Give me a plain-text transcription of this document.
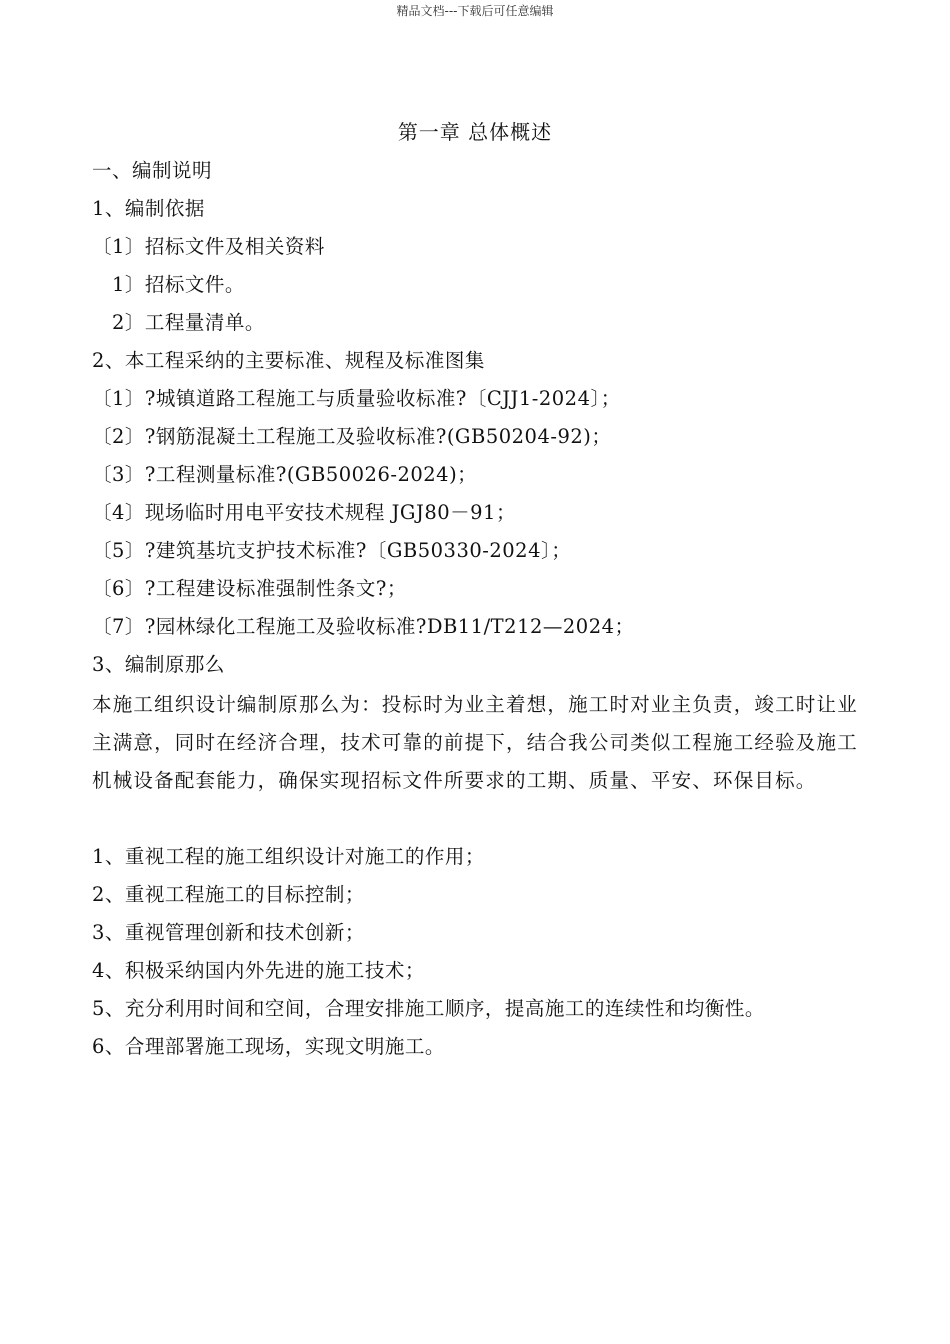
精品文档---下载后可任意编辑
第一章 总体概述
一、编制说明
1、编制依据
〔1〕招标文件及相关资料
1〕招标文件。
2〕工程量清单。
2、本工程采纳的主要标准、规程及标准图集
〔1〕?城镇道路工程施工与质量验收标准?〔CJJ1-2024〕；
〔2〕?钢筋混凝土工程施工及验收标准?(GB50204-92)；
〔3〕?工程测量标准?(GB50026-2024)；
〔4〕现场临时用电平安技术规程 JGJ80－91；
〔5〕?建筑基坑支护技术标准?〔GB50330-2024〕；
〔6〕?工程建设标准强制性条文?；
〔7〕?园林绿化工程施工及验收标准?DB11/T212—2024；
3、编制原那么
本施工组织设计编制原那么为：投标时为业主着想，施工时对业主负责，竣工时让业主满意，同时在经济合理，技术可靠的前提下，结合我公司类似工程施工经验及施工机械设备配套能力，确保实现招标文件所要求的工期、质量、平安、环保目标。
1、重视工程的施工组织设计对施工的作用；
2、重视工程施工的目标控制；
3、重视管理创新和技术创新；
4、积极采纳国内外先进的施工技术；
5、充分利用时间和空间，合理安排施工顺序，提高施工的连续性和均衡性。
6、合理部署施工现场，实现文明施工。
